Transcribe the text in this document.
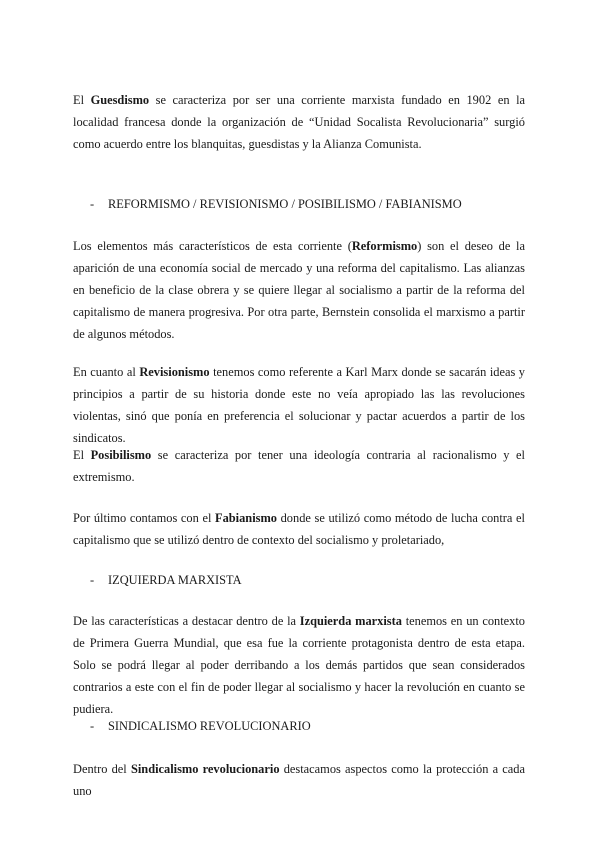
El Guesdismo se caracteriza por ser una corriente marxista fundado en 1902 en la localidad francesa donde la organización de “Unidad Socalista Revolucionaria” surgió como acuerdo entre los blanquitas, guesdistas y la Alianza Comunista.

- REFORMISMO / REVISIONISMO / POSIBILISMO / FABIANISMO

Los elementos más característicos de esta corriente (Reformismo) son el deseo de la aparición de una economía social de mercado y una reforma del capitalismo. Las alianzas en beneficio de la clase obrera y se quiere llegar al socialismo a partir de la reforma del capitalismo de manera progresiva. Por otra parte, Bernstein consolida el marxismo a partir de algunos métodos.

En cuanto al Revisionismo tenemos como referente a Karl Marx donde se sacarán ideas y principios a partir de su historia donde este no veía apropiado las las revoluciones violentas, sinó que ponía en preferencia el solucionar y pactar acuerdos a partir de los sindicatos.

El Posibilismo se caracteriza por tener una ideología contraria al racionalismo y el extremismo.

Por último contamos con el Fabianismo donde se utilizó como método de lucha contra el capitalismo que se utilizó dentro de contexto del socialismo y proletariado,

- IZQUIERDA MARXISTA

De las características a destacar dentro de la Izquierda marxista tenemos en un contexto de Primera Guerra Mundial, que esa fue la corriente protagonista dentro de esta etapa. Solo se podrá llegar al poder derribando a los demás partidos que sean considerados contrarios a este con el fin de poder llegar al socialismo y hacer la revolución en cuanto se pudiera.

- SINDICALISMO REVOLUCIONARIO

Dentro del Sindicalismo revolucionario destacamos aspectos como la protección a cada uno
